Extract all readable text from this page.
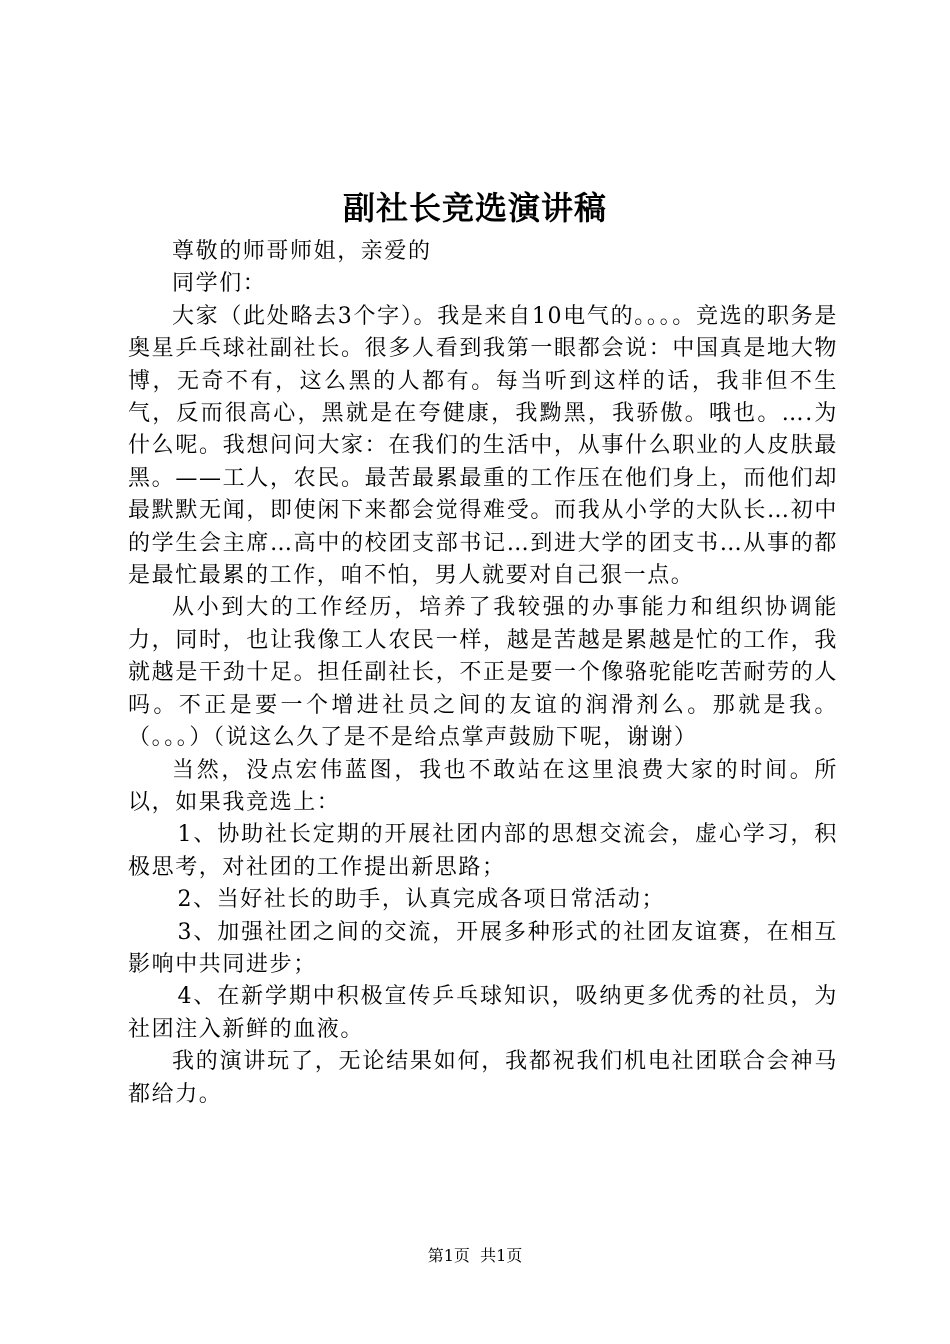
副社长竞选演讲稿

尊敬的师哥师姐，亲爱的

同学们：

大家（此处略去3个字）。我是来自10电气的。。。。竞选的职务是奥星乒乓球社副社长。很多人看到我第一眼都会说：中国真是地大物博，无奇不有，这么黑的人都有。每当听到这样的话，我非但不生气，反而很高心，黑就是在夸健康，我黝黑，我骄傲。哦也。….为什么呢。我想问问大家：在我们的生活中，从事什么职业的人皮肤最黑。——工人，农民。最苦最累最重的工作压在他们身上，而他们却最默默无闻，即使闲下来都会觉得难受。而我从小学的大队长…初中的学生会主席…高中的校团支部书记…到进大学的团支书…从事的都是最忙最累的工作，咱不怕，男人就要对自己狠一点。

从小到大的工作经历，培养了我较强的办事能力和组织协调能力，同时，也让我像工人农民一样，越是苦越是累越是忙的工作，我就越是干劲十足。担任副社长，不正是要一个像骆驼能吃苦耐劳的人吗。不正是要一个增进社员之间的友谊的润滑剂么。那就是我。（。。。）（说这么久了是不是给点掌声鼓励下呢，谢谢）

当然，没点宏伟蓝图，我也不敢站在这里浪费大家的时间。所以，如果我竞选上：

1、协助社长定期的开展社团内部的思想交流会，虚心学习，积极思考，对社团的工作提出新思路；

2、当好社长的助手，认真完成各项日常活动；

3、加强社团之间的交流，开展多种形式的社团友谊赛，在相互影响中共同进步；

4、在新学期中积极宣传乒乓球知识，吸纳更多优秀的社员，为社团注入新鲜的血液。

我的演讲玩了，无论结果如何，我都祝我们机电社团联合会神马都给力。

第1页 共1页
